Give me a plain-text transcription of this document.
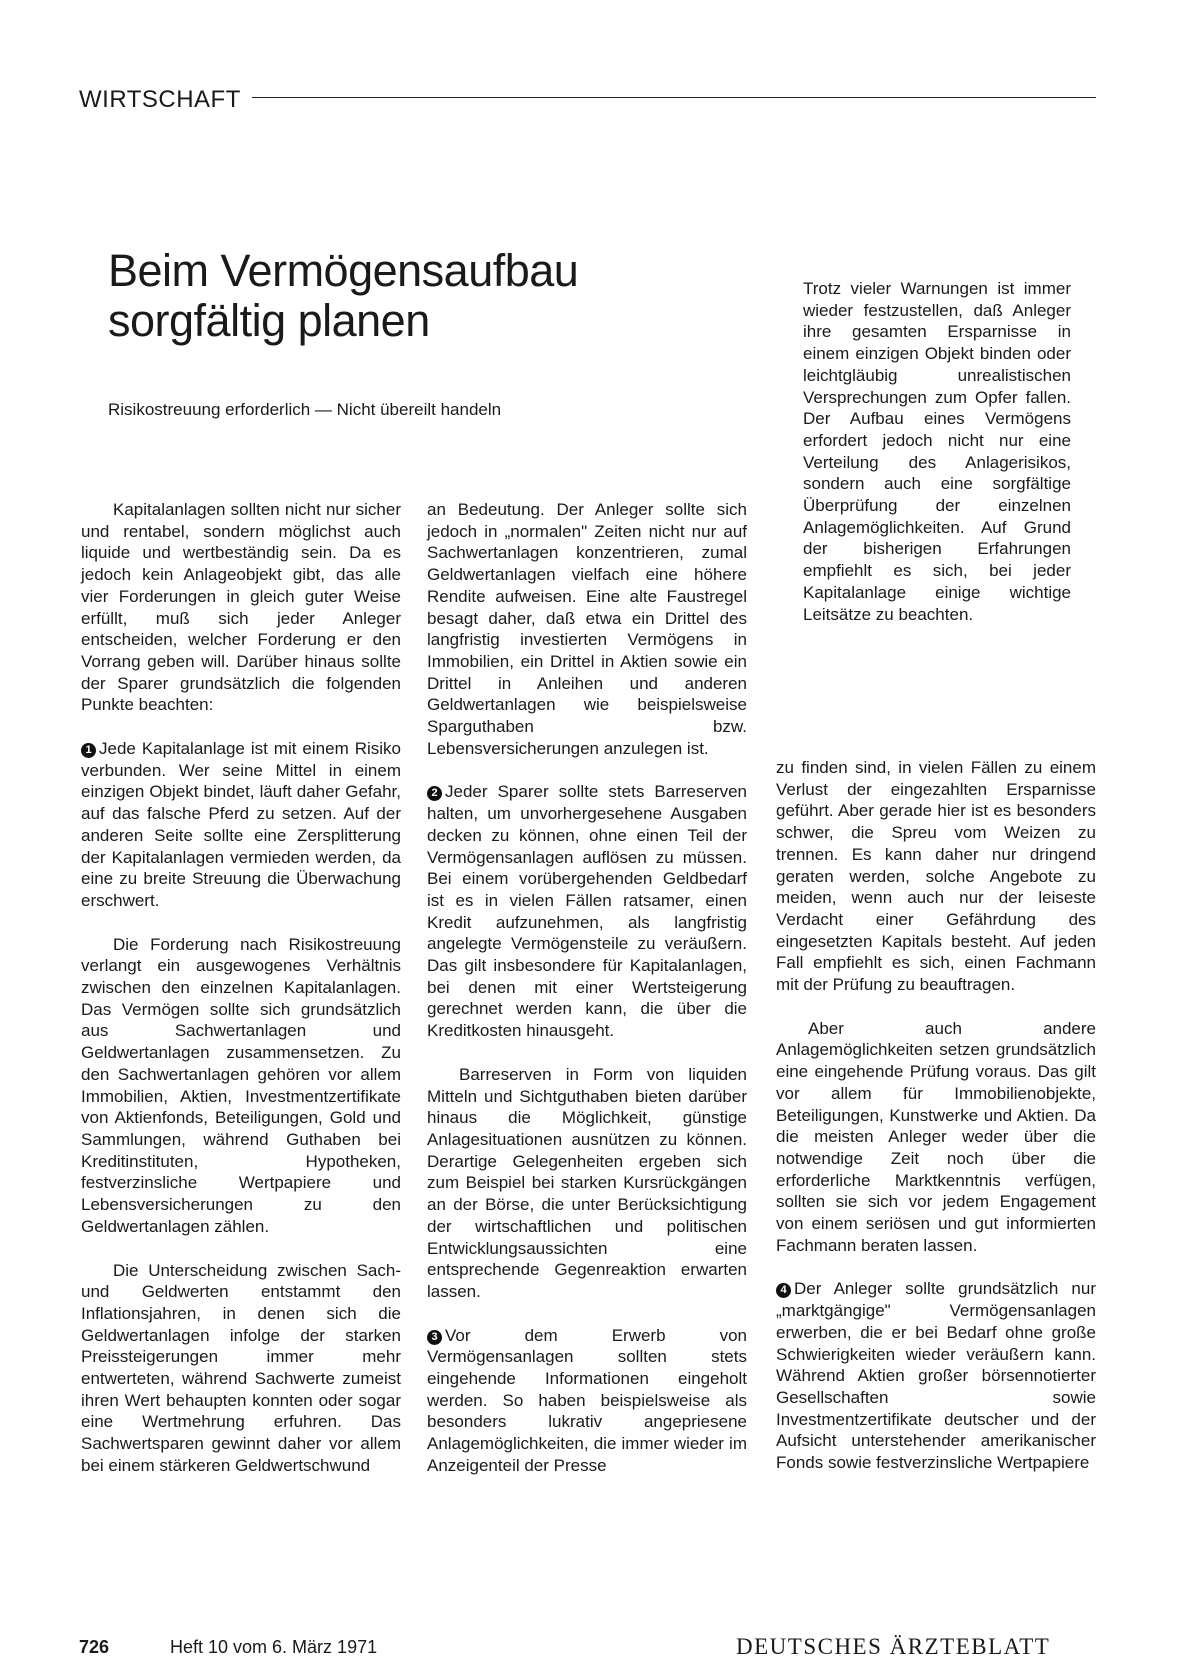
WIRTSCHAFT
Beim Vermögensaufbau sorgfältig planen
Risikostreuung erforderlich — Nicht übereilt handeln

Trotz vieler Warnungen ist immer wieder festzustellen, daß Anleger ihre gesamten Ersparnisse in einem einzigen Objekt binden oder leichtgläubig unrealistischen Versprechungen zum Opfer fallen. Der Aufbau eines Vermögens erfordert jedoch nicht nur eine Verteilung des Anlagerisikos, sondern auch eine sorgfältige Überprüfung der einzelnen Anlagemöglichkeiten. Auf Grund der bisherigen Erfahrungen empfiehlt es sich, bei jeder Kapitalanlage einige wichtige Leitsätze zu beachten.

Kapitalanlagen sollten nicht nur sicher und rentabel, sondern möglichst auch liquide und wertbeständig sein. Da es jedoch kein Anlageobjekt gibt, das alle vier Forderungen in gleich guter Weise erfüllt, muß sich jeder Anleger entscheiden, welcher Forderung er den Vorrang geben will. Darüber hinaus sollte der Sparer grundsätzlich die folgenden Punkte beachten:

1 Jede Kapitalanlage ist mit einem Risiko verbunden. Wer seine Mittel in einem einzigen Objekt bindet, läuft daher Gefahr, auf das falsche Pferd zu setzen. Auf der anderen Seite sollte eine Zersplitterung der Kapitalanlagen vermieden werden, da eine zu breite Streuung die Überwachung erschwert.

Die Forderung nach Risikostreuung verlangt ein ausgewogenes Verhältnis zwischen den einzelnen Kapitalanlagen. Das Vermögen sollte sich grundsätzlich aus Sachwertanlagen und Geldwertanlagen zusammensetzen. Zu den Sachwertanlagen gehören vor allem Immobilien, Aktien, Investmentzertifikate von Aktienfonds, Beteiligungen, Gold und Sammlungen, während Guthaben bei Kreditinstituten, Hypotheken, festverzinsliche Wertpapiere und Lebensversicherungen zu den Geldwertanlagen zählen.

Die Unterscheidung zwischen Sach- und Geldwerten entstammt den Inflationsjahren, in denen sich die Geldwertanlagen infolge der starken Preissteigerungen immer mehr entwerteten, während Sachwerte zumeist ihren Wert behaupten konnten oder sogar eine Wertmehrung erfuhren. Das Sachwertsparen gewinnt daher vor allem bei einem stärkeren Geldwertschwund

an Bedeutung. Der Anleger sollte sich jedoch in „normalen" Zeiten nicht nur auf Sachwertanlagen konzentrieren, zumal Geldwertanlagen vielfach eine höhere Rendite aufweisen. Eine alte Faustregel besagt daher, daß etwa ein Drittel des langfristig investierten Vermögens in Immobilien, ein Drittel in Aktien sowie ein Drittel in Anleihen und anderen Geldwertanlagen wie beispielsweise Sparguthaben bzw. Lebensversicherungen anzulegen ist.

2 Jeder Sparer sollte stets Barreserven halten, um unvorhergesehene Ausgaben decken zu können, ohne einen Teil der Vermögensanlagen auflösen zu müssen. Bei einem vorübergehenden Geldbedarf ist es in vielen Fällen ratsamer, einen Kredit aufzunehmen, als langfristig angelegte Vermögensteile zu veräußern. Das gilt insbesondere für Kapitalanlagen, bei denen mit einer Wertsteigerung gerechnet werden kann, die über die Kreditkosten hinausgeht.

Barreserven in Form von liquiden Mitteln und Sichtguthaben bieten darüber hinaus die Möglichkeit, günstige Anlagesituationen ausnützen zu können. Derartige Gelegenheiten ergeben sich zum Beispiel bei starken Kursrückgängen an der Börse, die unter Berücksichtigung der wirtschaftlichen und politischen Entwicklungsaussichten eine entsprechende Gegenreaktion erwarten lassen.

3 Vor dem Erwerb von Vermögensanlagen sollten stets eingehende Informationen eingeholt werden. So haben beispielsweise als besonders lukrativ angepriesene Anlagemöglichkeiten, die immer wieder im Anzeigenteil der Presse

zu finden sind, in vielen Fällen zu einem Verlust der eingezahlten Ersparnisse geführt. Aber gerade hier ist es besonders schwer, die Spreu vom Weizen zu trennen. Es kann daher nur dringend geraten werden, solche Angebote zu meiden, wenn auch nur der leiseste Verdacht einer Gefährdung des eingesetzten Kapitals besteht. Auf jeden Fall empfiehlt es sich, einen Fachmann mit der Prüfung zu beauftragen.

Aber auch andere Anlagemöglichkeiten setzen grundsätzlich eine eingehende Prüfung voraus. Das gilt vor allem für Immobilienobjekte, Beteiligungen, Kunstwerke und Aktien. Da die meisten Anleger weder über die notwendige Zeit noch über die erforderliche Marktkenntnis verfügen, sollten sie sich vor jedem Engagement von einem seriösen und gut informierten Fachmann beraten lassen.

4 Der Anleger sollte grundsätzlich nur „marktgängige" Vermögensanlagen erwerben, die er bei Bedarf ohne große Schwierigkeiten wieder veräußern kann. Während Aktien großer börsennotierter Gesellschaften sowie Investmentzertifikate deutscher und der Aufsicht unterstehender amerikanischer Fonds sowie festverzinsliche Wertpapiere

726	Heft 10 vom 6. März 1971	DEUTSCHES ÄRZTEBLATT
